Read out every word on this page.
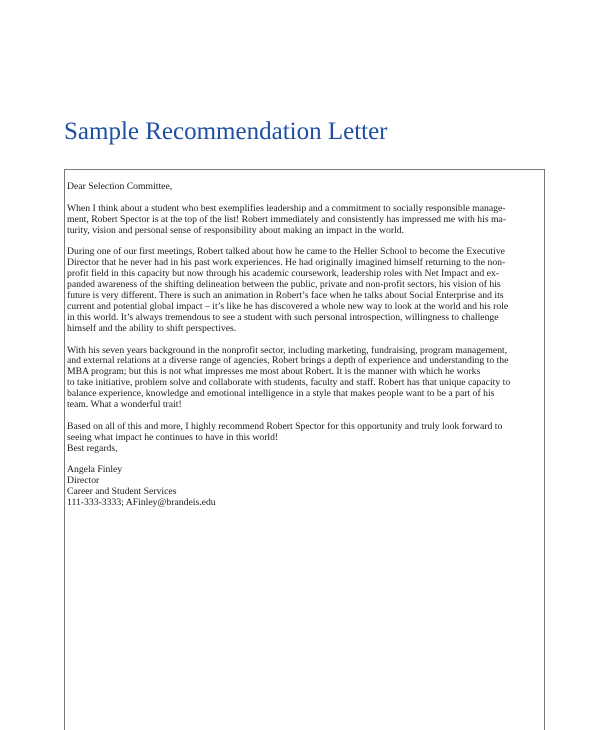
Sample Recommendation Letter

Dear Selection Committee,

When I think about a student who best exemplifies leadership and a commitment to socially responsible manage-
ment, Robert Spector is at the top of the list! Robert immediately and consistently has impressed me with his ma-
turity, vision and personal sense of responsibility about making an impact in the world.

During one of our first meetings, Robert talked about how he came to the Heller School to become the Executive
Director that he never had in his past work experiences. He had originally imagined himself returning to the non-
profit field in this capacity but now through his academic coursework, leadership roles with Net Impact and ex-
panded awareness of the shifting delineation between the public, private and non-profit sectors, his vision of his
future is very different. There is such an animation in Robert’s face when he talks about Social Enterprise and its
current and potential global impact – it’s like he has discovered a whole new way to look at the world and his role
in this world. It’s always tremendous to see a student with such personal introspection, willingness to challenge
himself and the ability to shift perspectives.

With his seven years background in the nonprofit sector, including marketing, fundraising, program management,
and external relations at a diverse range of agencies, Robert brings a depth of experience and understanding to the
MBA program; but this is not what impresses me most about Robert. It is the manner with which he works
to take initiative, problem solve and collaborate with students, faculty and staff. Robert has that unique capacity to
balance experience, knowledge and emotional intelligence in a style that makes people want to be a part of his
team. What a wonderful trait!

Based on all of this and more, I highly recommend Robert Spector for this opportunity and truly look forward to
seeing what impact he continues to have in this world!

Best regards,

Angela Finley
Director
Career and Student Services
111-333-3333; AFinley@brandeis.edu
